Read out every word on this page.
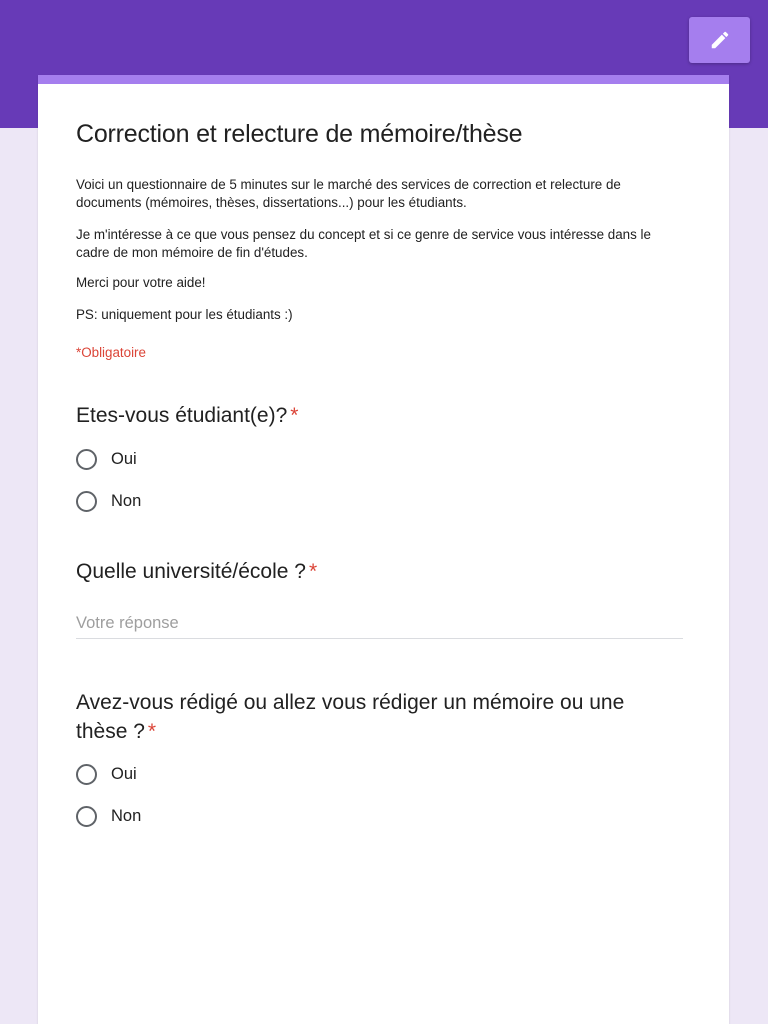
Correction et relecture de mémoire/thèse
Voici un questionnaire de 5 minutes sur le marché des services de correction et relecture de documents (mémoires, thèses, dissertations...) pour les étudiants.
Je m'intéresse à ce que vous pensez du concept et si ce genre de service vous intéresse dans le cadre de mon mémoire de fin d'études.
Merci pour votre aide!
PS: uniquement pour les étudiants :)
*Obligatoire
Etes-vous étudiant(e)? *
Oui
Non
Quelle université/école ? *
Votre réponse
Avez-vous rédigé ou allez vous rédiger un mémoire ou une thèse ? *
Oui
Non
